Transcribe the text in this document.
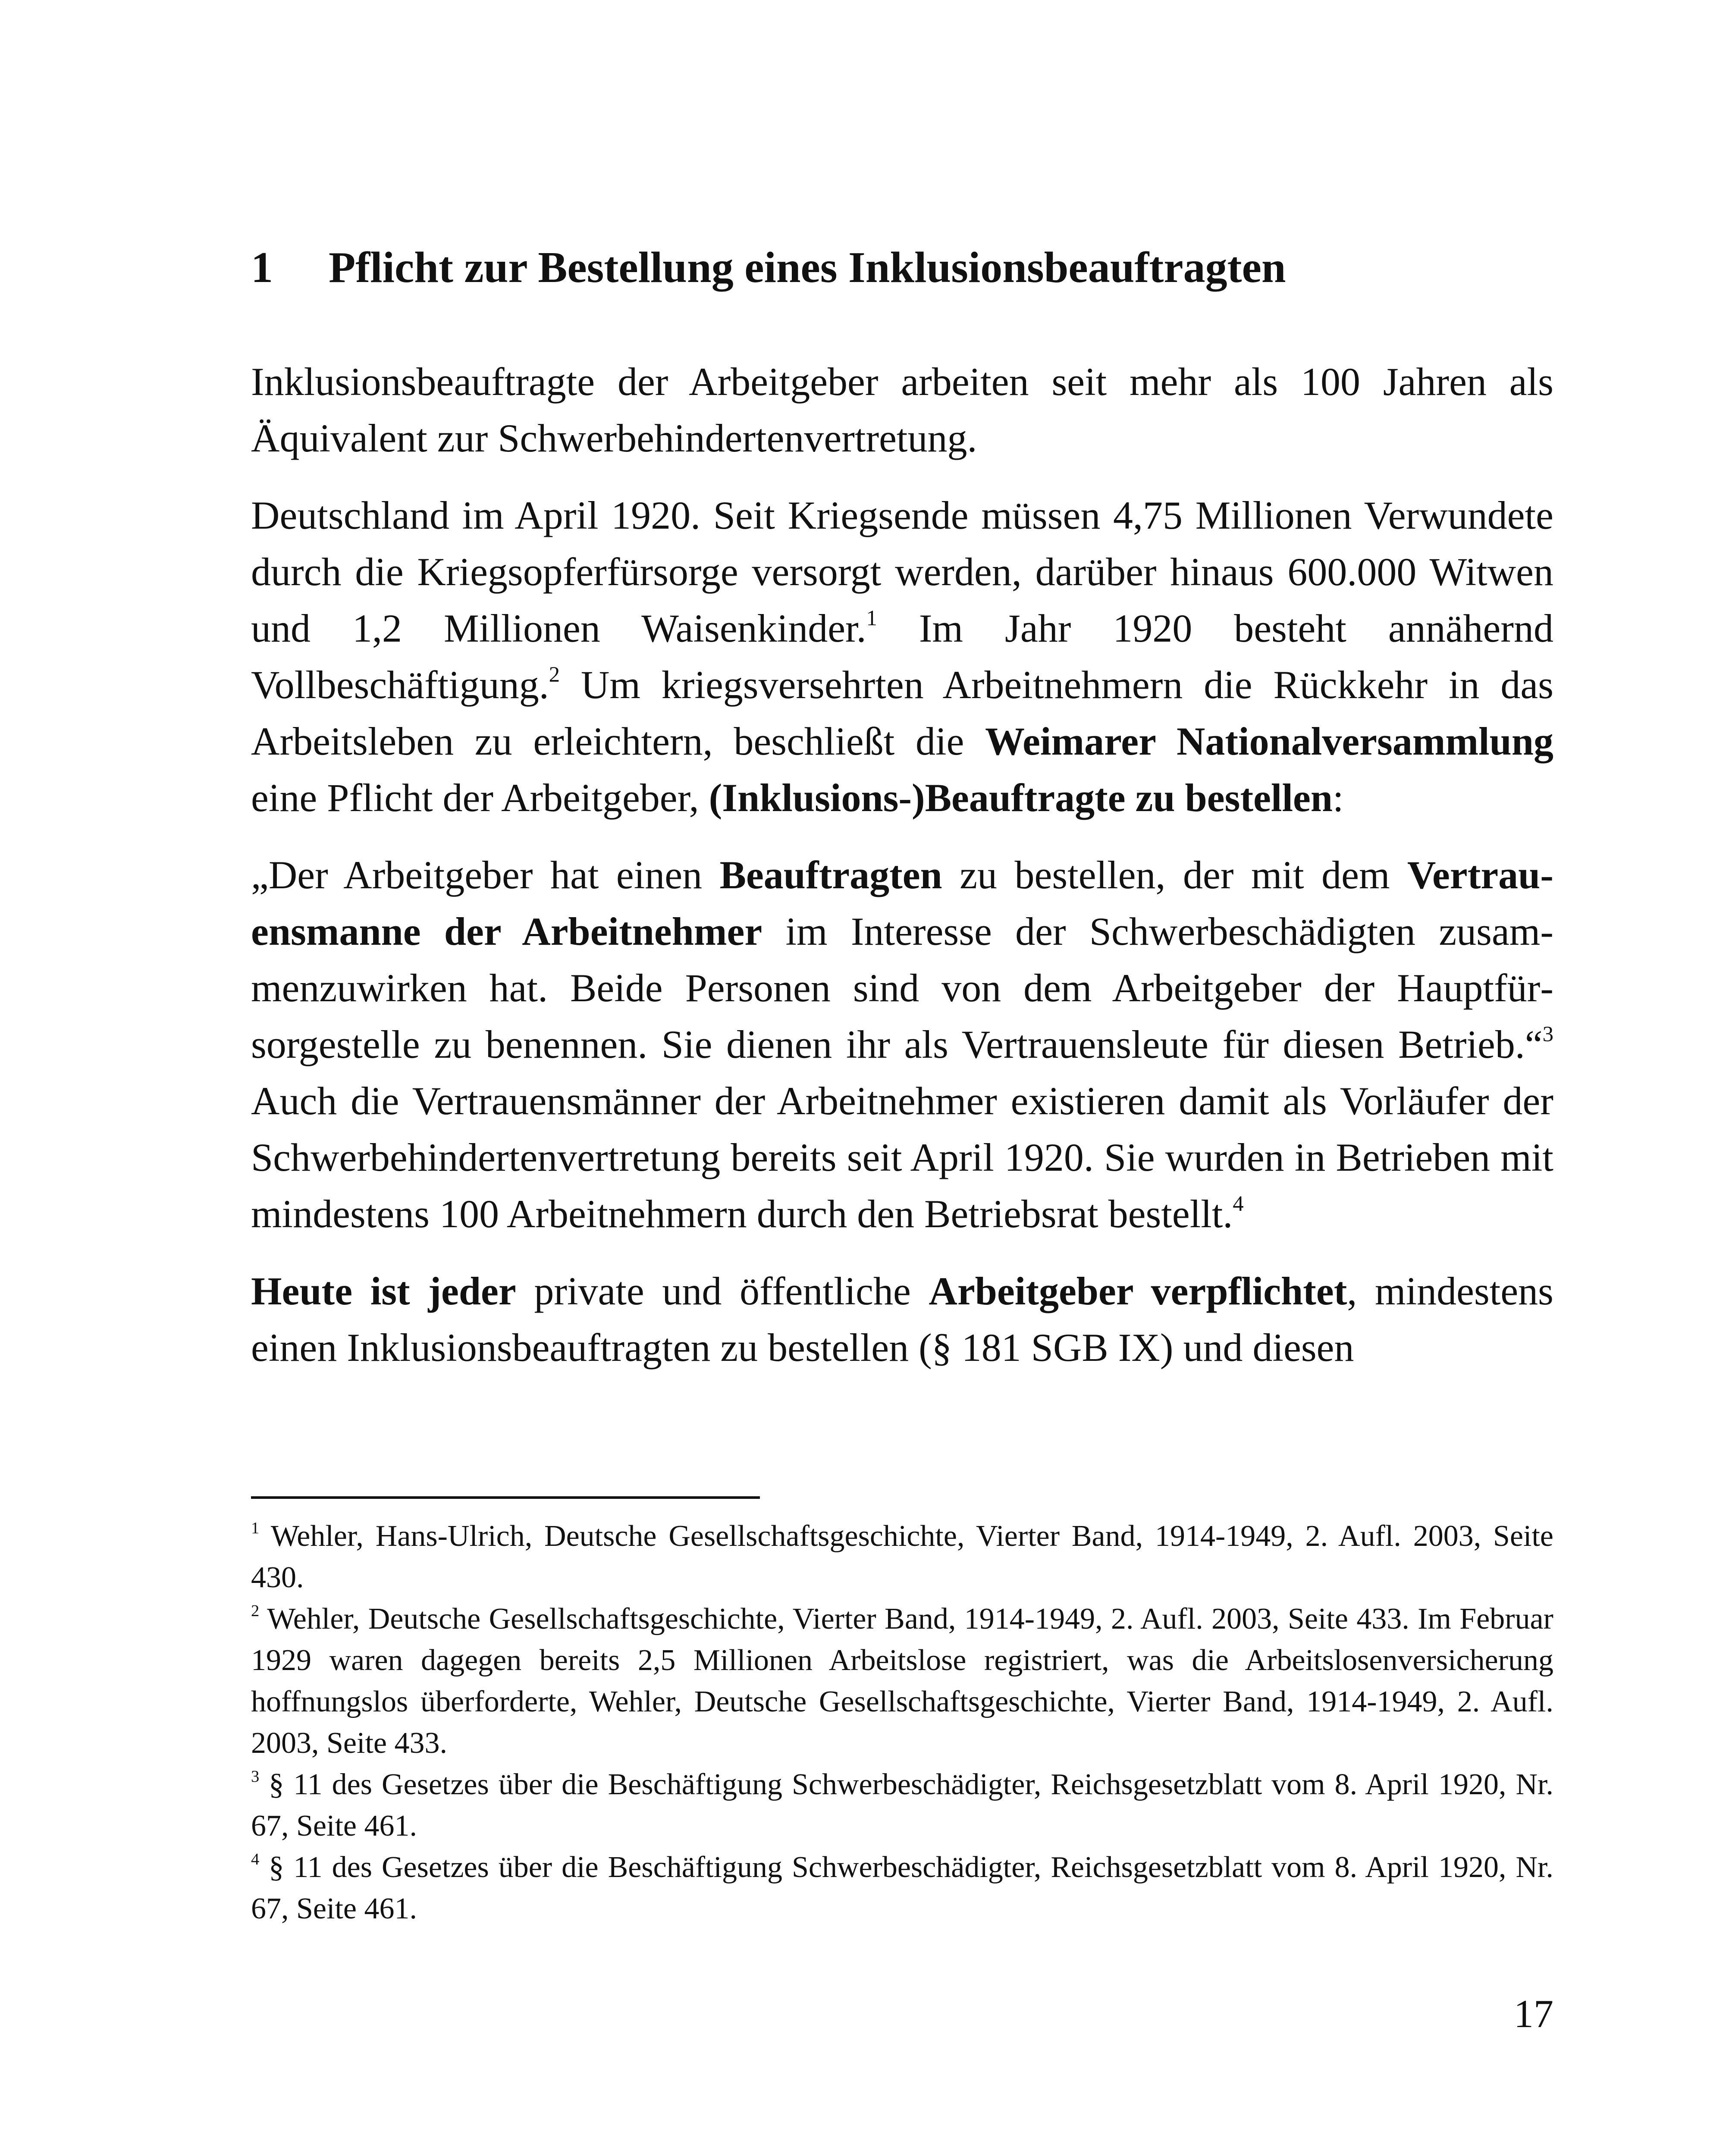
1 Pflicht zur Bestellung eines Inklusionsbeauftragten

Inklusionsbeauftragte der Arbeitgeber arbeiten seit mehr als 100 Jahren als Äquivalent zur Schwerbehindertenvertretung.

Deutschland im April 1920. Seit Kriegsende müssen 4,75 Millionen Verwundete durch die Kriegsopferfürsorge versorgt werden, darüber hinaus 600.000 Witwen und 1,2 Millionen Waisenkinder.$^1$ Im Jahr 1920 besteht annähernd Vollbeschäftigung.$^2$ Um kriegsversehrten Arbeitnehmern die Rückkehr in das Arbeitsleben zu erleichtern, beschließt die Weimarer Nationalversammlung eine Pflicht der Arbeitgeber, (Inklusions-)Beauftragte zu bestellen:

„Der Arbeitgeber hat einen Beauftragten zu bestellen, der mit dem Vertrauensmanne der Arbeitnehmer im Interesse der Schwerbeschädigten zusammenzuwirken hat. Beide Personen sind von dem Arbeitgeber der Hauptfürsorgestelle zu benennen. Sie dienen ihr als Vertrauensleute für diesen Betrieb.“$^3$ Auch die Vertrauensmänner der Arbeitnehmer existieren damit als Vorläufer der Schwerbehindertenvertretung bereits seit April 1920. Sie wurden in Betrieben mit mindestens 100 Arbeitnehmern durch den Betriebsrat bestellt.$^4$

Heute ist jeder private und öffentliche Arbeitgeber verpflichtet, mindestens einen Inklusionsbeauftragten zu bestellen (§ 181 SGB IX) und diesen

$^1$ Wehler, Hans-Ulrich, Deutsche Gesellschaftsgeschichte, Vierter Band, 1914-1949, 2. Aufl. 2003, Seite 430.

$^2$ Wehler, Deutsche Gesellschaftsgeschichte, Vierter Band, 1914-1949, 2. Aufl. 2003, Seite 433. Im Februar 1929 waren dagegen bereits 2,5 Millionen Arbeitslose registriert, was die Arbeitslosenversicherung hoffnungslos überforderte, Wehler, Deutsche Gesellschaftsgeschichte, Vierter Band, 1914-1949, 2. Aufl. 2003, Seite 433.

$^3$ § 11 des Gesetzes über die Beschäftigung Schwerbeschädigter, Reichsgesetzblatt vom 8. April 1920, Nr. 67, Seite 461.

$^4$ § 11 des Gesetzes über die Beschäftigung Schwerbeschädigter, Reichsgesetzblatt vom 8. April 1920, Nr. 67, Seite 461.

17
